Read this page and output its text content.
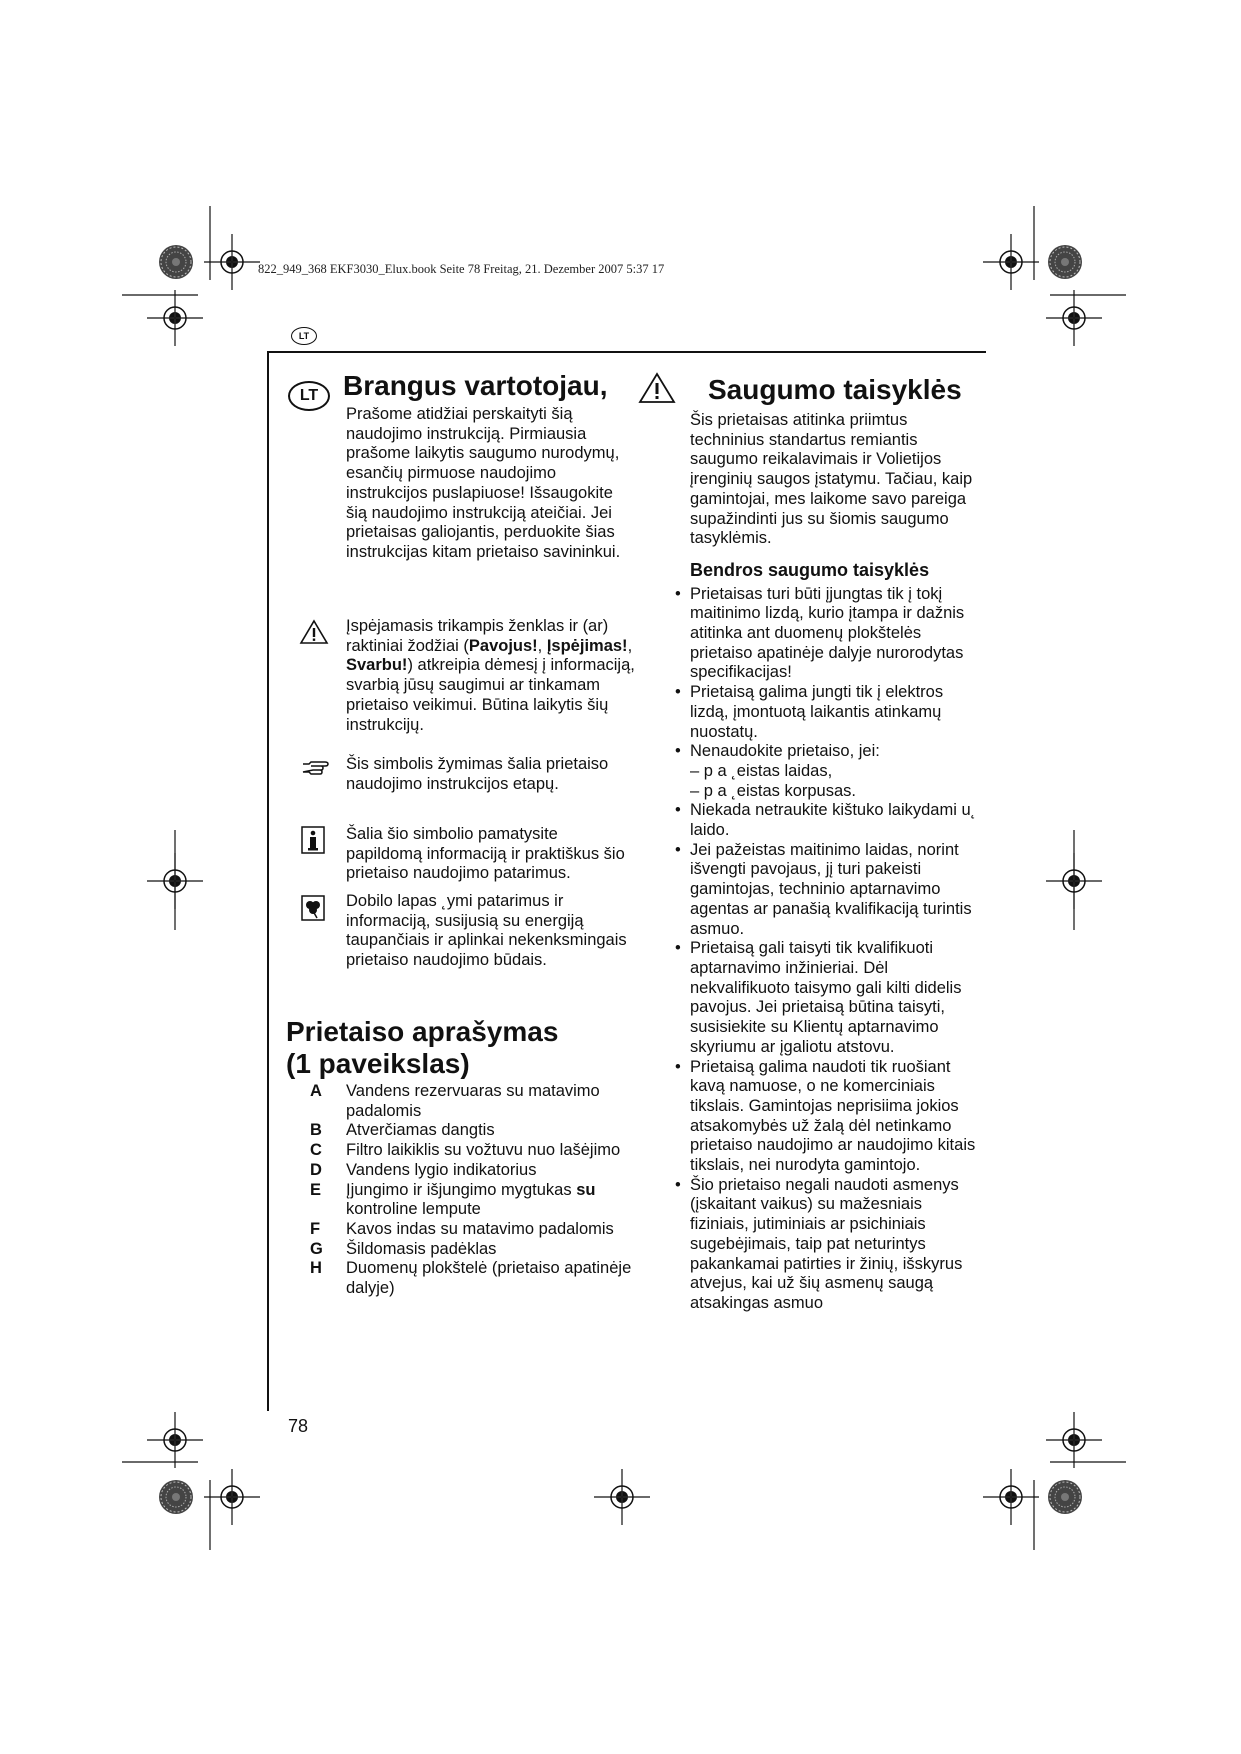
822_949_368 EKF3030_Elux.book Seite 78 Freitag, 21. Dezember 2007 5:37 17
LT
LT Brangus vartotojau,

Prašome atidžiai perskaityti šią naudojimo instrukciją. Pirmiausia prašome laikytis saugumo nurodymų, esančių pirmuose naudojimo instrukcijos puslapiuose! Išsaugokite šią naudojimo instrukciją ateičiai. Jei prietaisas galiojantis, perduokite šias instrukcijas kitam prietaiso savininkui.

Įspėjamasis trikampis ženklas ir (ar) raktiniai žodžiai (Pavojus!, Įspėjimas!, Svarbu!) atkreipia dėmesį į informaciją, svarbią jūsų saugimui ar tinkamam prietaiso veikimui. Būtina laikytis šių instrukcijų.

Šis simbolis žymimas šalia prietaiso naudojimo instrukcijos etapų.

Šalia šio simbolio pamatysite papildomą informaciją ir praktiškus šio prietaiso naudojimo patarimus.

Dobilo lapas ˛ymi patarimus ir informaciją, susijusią su energiją taupančiais ir aplinkai nekenksmingais prietaiso naudojimo būdais.

Prietaiso aprašymas
(1 paveikslas)
A Vandens rezervuaras su matavimo padalomis
B Atverčiamas dangtis
C Filtro laikiklis su vožtuvu nuo lašėjimo
D Vandens lygio indikatorius
E Įjungimo ir išjungimo mygtukas su kontroline lempute
F Kavos indas su matavimo padalomis
G Šildomasis padėklas
H Duomenų plokštelė (prietaiso apatinėje dalyje)
Saugumo taisyklės

Šis prietaisas atitinka priimtus techninius standartus remiantis saugumo reikalavimais ir Volietijos įrenginių saugos įstatymu. Tačiau, kaip gamintojai, mes laikome savo pareiga supažindinti jus su šiomis saugumo tasyklėmis.

Bendros saugumo taisyklės

• Prietaisas turi būti įjungtas tik į tokį maitinimo lizdą, kurio įtampa ir dažnis atitinka ant duomenų plokštelės prietaiso apatinėje dalyje nurorodytas specifikacijas!

• Prietaisą galima jungti tik į elektros lizdą, įmontuotą laikantis atinkamų nuostatų.

• Nenaudokite prietaiso, jei:

– p a ˛eistas laidas,

– p a ˛eistas korpusas.

• Niekada netraukite kištuko laikydami u˛ laido.

• Jei pažeistas maitinimo laidas, norint išvengti pavojaus, jį turi pakeisti gamintojas, techninio aptarnavimo agentas ar panašią kvalifikaciją turintis asmuo.

• Prietaisą gali taisyti tik kvalifikuoti aptarnavimo inžinieriai. Dėl nekvalifikuoto taisymo gali kilti didelis pavojus. Jei prietaisą būtina taisyti, susisiekite su Klientų aptarnavimo skyriumu ar įgaliotu atstovu.

• Prietaisą galima naudoti tik ruošiant kavą namuose, o ne komerciniais tikslais. Gamintojas neprisiima jokios atsakomybės už žalą dėl netinkamo prietaiso naudojimo ar naudojimo kitais tikslais, nei nurodyta gamintojo.

• Šio prietaiso negali naudoti asmenys (įskaitant vaikus) su mažesniais fiziniais, jutiminiais ar psichiniais sugebėjimais, taip pat neturintys pakankamai patirties ir žinių, išskyrus atvejus, kai už šių asmenų saugą atsakingas asmuo

78
